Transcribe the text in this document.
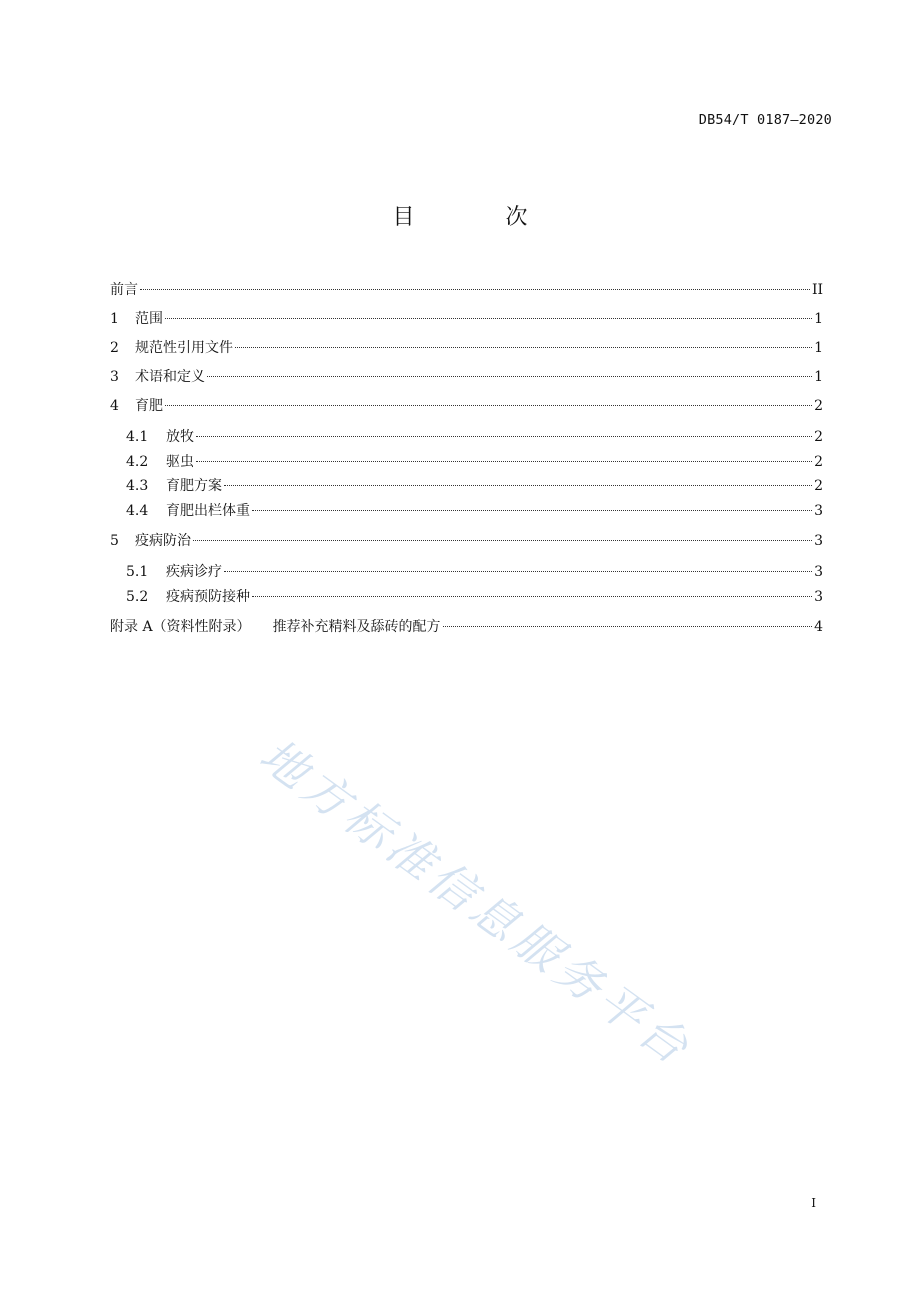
DB54/T 0187—2020
目 次
前言	II
1	范围	1
2	规范性引用文件	1
3	术语和定义	1
4	育肥	2
4.1	放牧	2
4.2	驱虫	2
4.3	育肥方案	2
4.4	育肥出栏体重	3
5	疫病防治	3
5.1	疾病诊疗	3
5.2	疫病预防接种	3
附录 A（资料性附录） 推荐补充精料及舔砖的配方	4
地方标准信息服务平台
I
